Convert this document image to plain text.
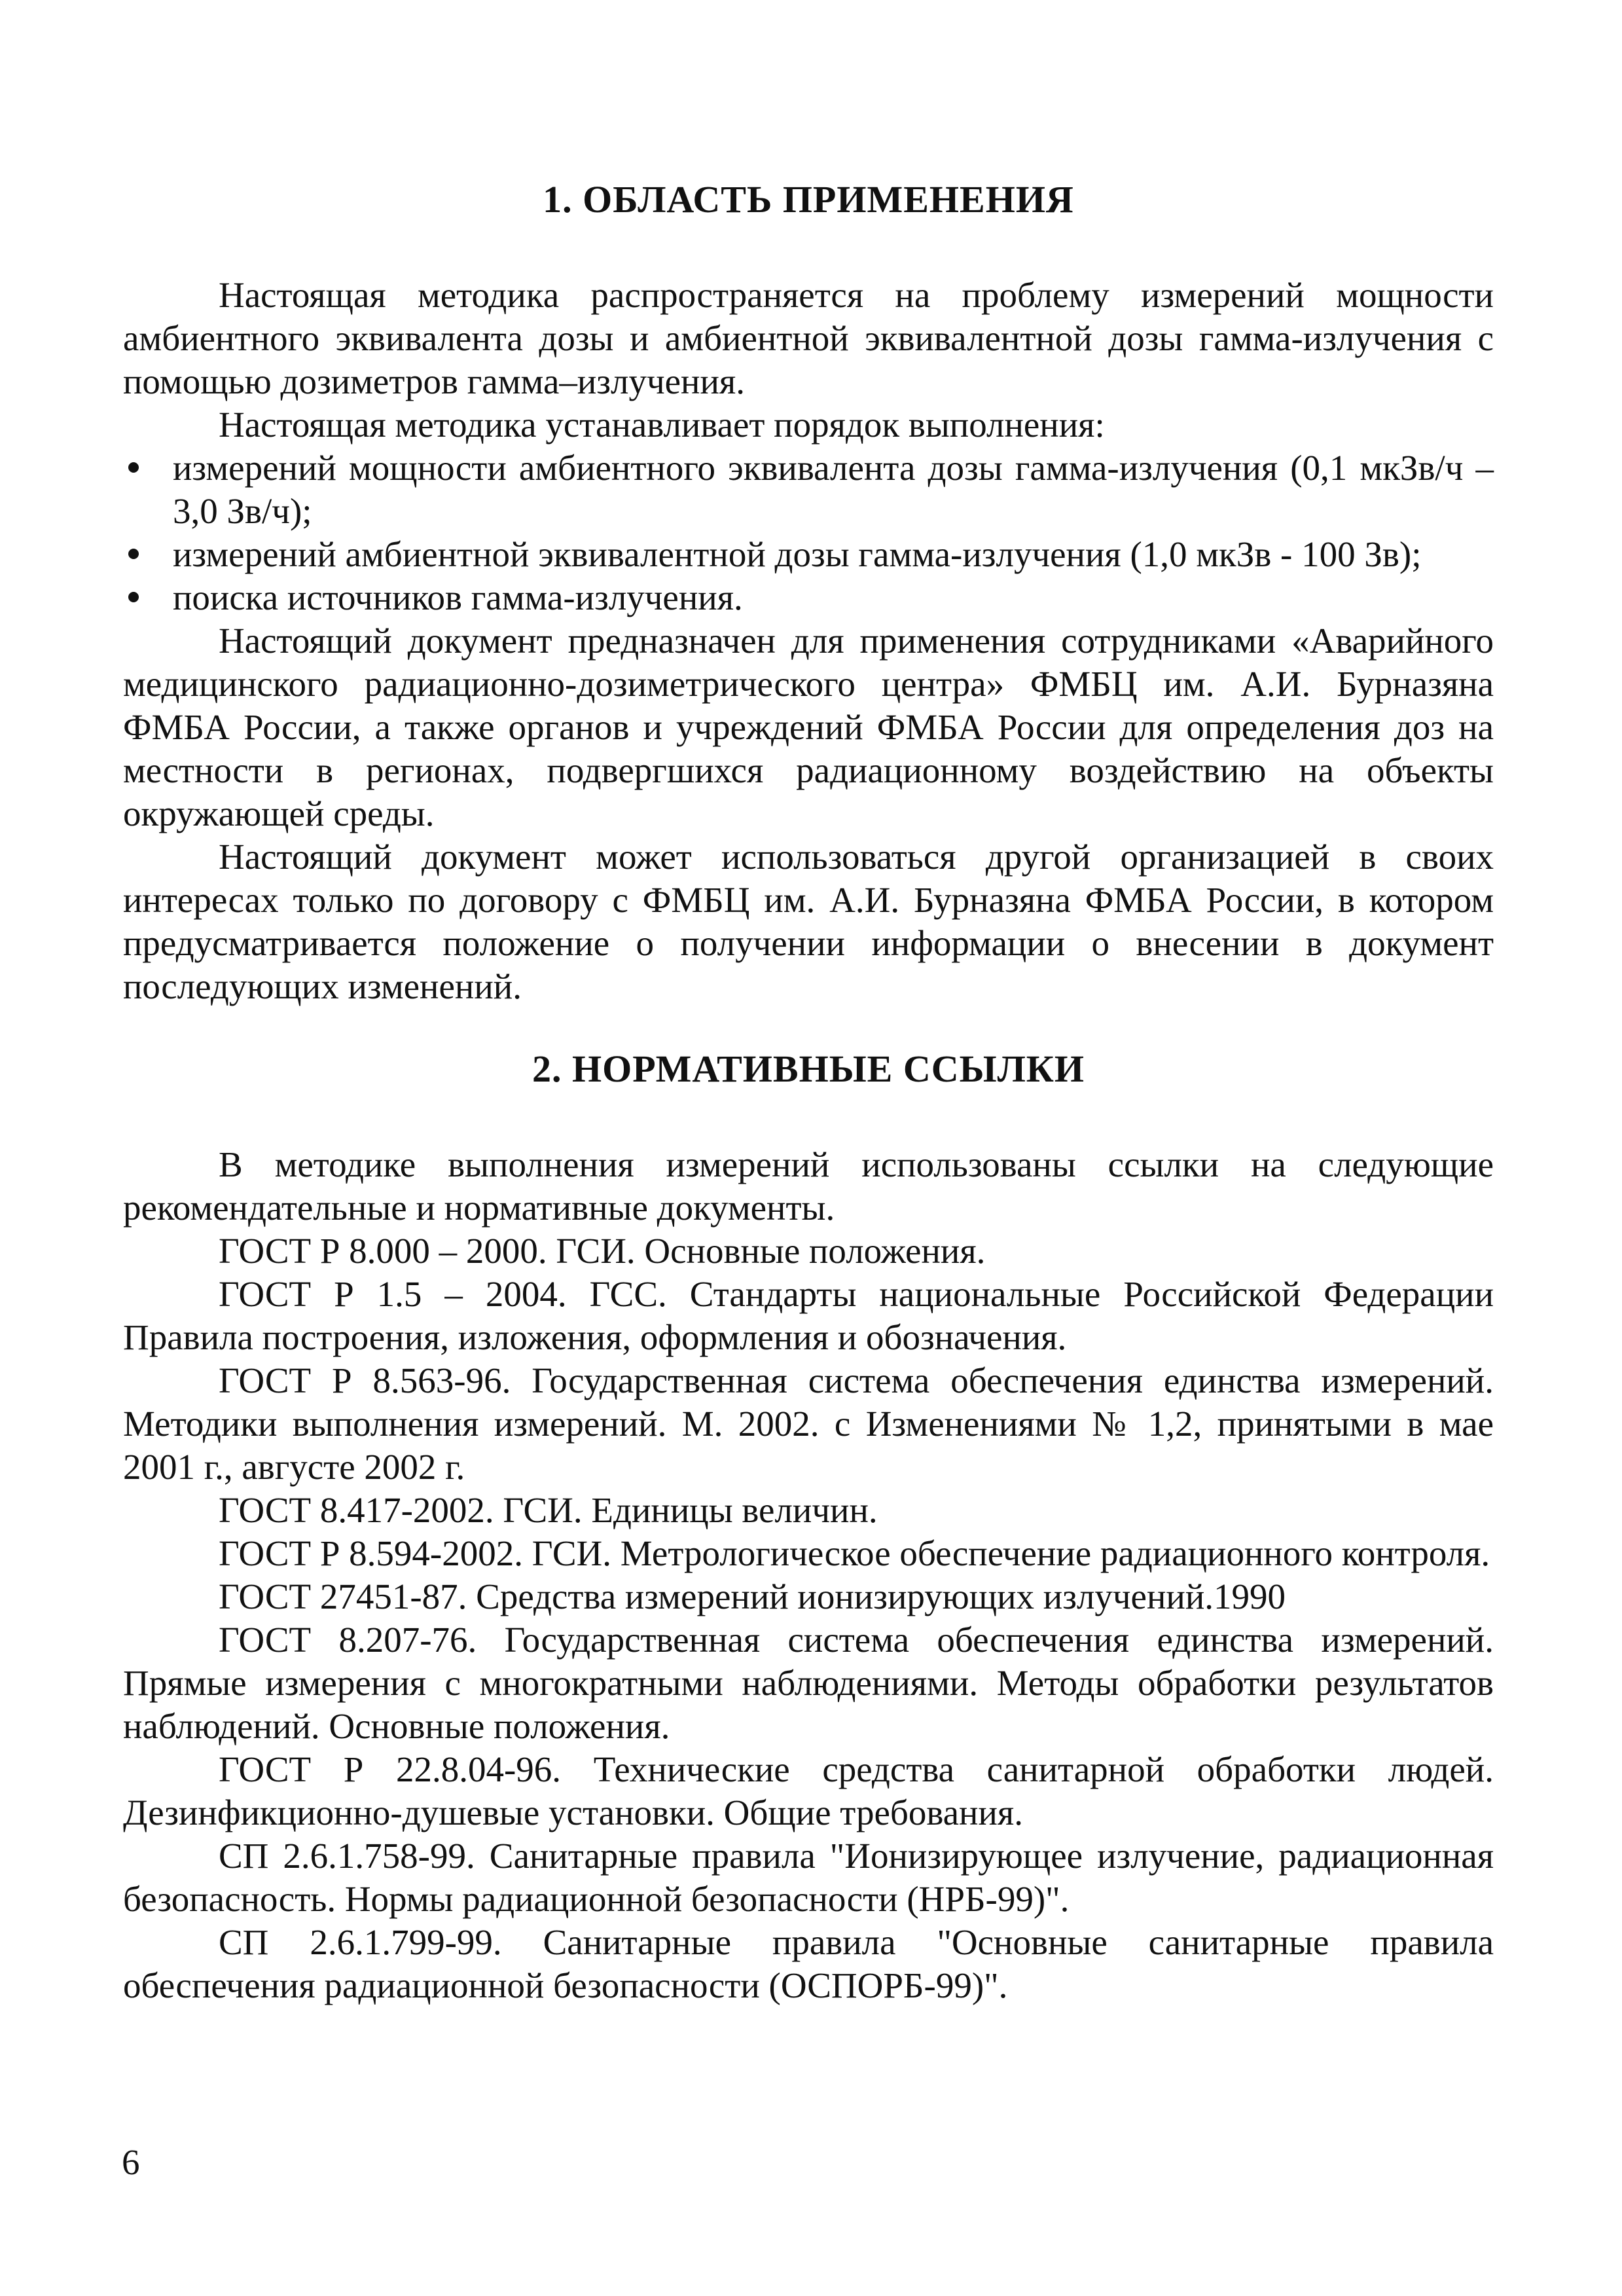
1. ОБЛАСТЬ ПРИМЕНЕНИЯ

Настоящая методика распространяется на проблему измерений мощности амбиентного эквивалента дозы и амбиентной эквивалентной дозы гамма-излучения с помощью дозиметров гамма–излучения.

Настоящая методика устанавливает порядок выполнения:

измерений мощности амбиентного эквивалента дозы гамма-излучения (0,1 мкЗв/ч –3,0 Зв/ч);
измерений амбиентной эквивалентной дозы гамма-излучения (1,0 мкЗв - 100 Зв);
поиска источников гамма-излучения.

Настоящий документ предназначен для применения сотрудниками «Аварийного медицинского радиационно-дозиметрического центра» ФМБЦ им. А.И. Бурназяна ФМБА России, а также органов и учреждений ФМБА России для определения доз на местности в регионах, подвергшихся радиационному воздействию на объекты окружающей среды.

Настоящий документ может использоваться другой организацией в своих интересах только по договору с ФМБЦ им. А.И. Бурназяна ФМБА России, в котором предусматривается положение о получении информации о внесении в документ последующих изменений.

2. НОРМАТИВНЫЕ ССЫЛКИ

В методике выполнения измерений использованы ссылки на следующие рекомендательные и нормативные документы.

ГОСТ Р 8.000 – 2000. ГСИ. Основные положения.

ГОСТ Р 1.5 – 2004. ГСС. Стандарты национальные Российской Федерации Правила построения, изложения, оформления и обозначения.

ГОСТ Р 8.563-96. Государственная система обеспечения единства измерений. Методики выполнения измерений. М. 2002. с Изменениями № 1,2, принятыми в мае 2001 г., августе 2002 г.

ГОСТ 8.417-2002. ГСИ. Единицы величин.

ГОСТ Р 8.594-2002. ГСИ. Метрологическое обеспечение радиационного контроля.

ГОСТ 27451-87. Средства измерений ионизирующих излучений.1990

ГОСТ 8.207-76. Государственная система обеспечения единства измерений. Прямые измерения с многократными наблюдениями. Методы обработки результатов наблюдений. Основные положения.

ГОСТ Р 22.8.04-96. Технические средства санитарной обработки людей. Дезинфикционно-душевые установки. Общие требования.

СП 2.6.1.758-99. Санитарные правила "Ионизирующее излучение, радиационная безопасность. Нормы радиационной безопасности (НРБ-99)".

СП 2.6.1.799-99. Санитарные правила "Основные санитарные правила обеспечения радиационной безопасности (ОСПОРБ-99)".

6
